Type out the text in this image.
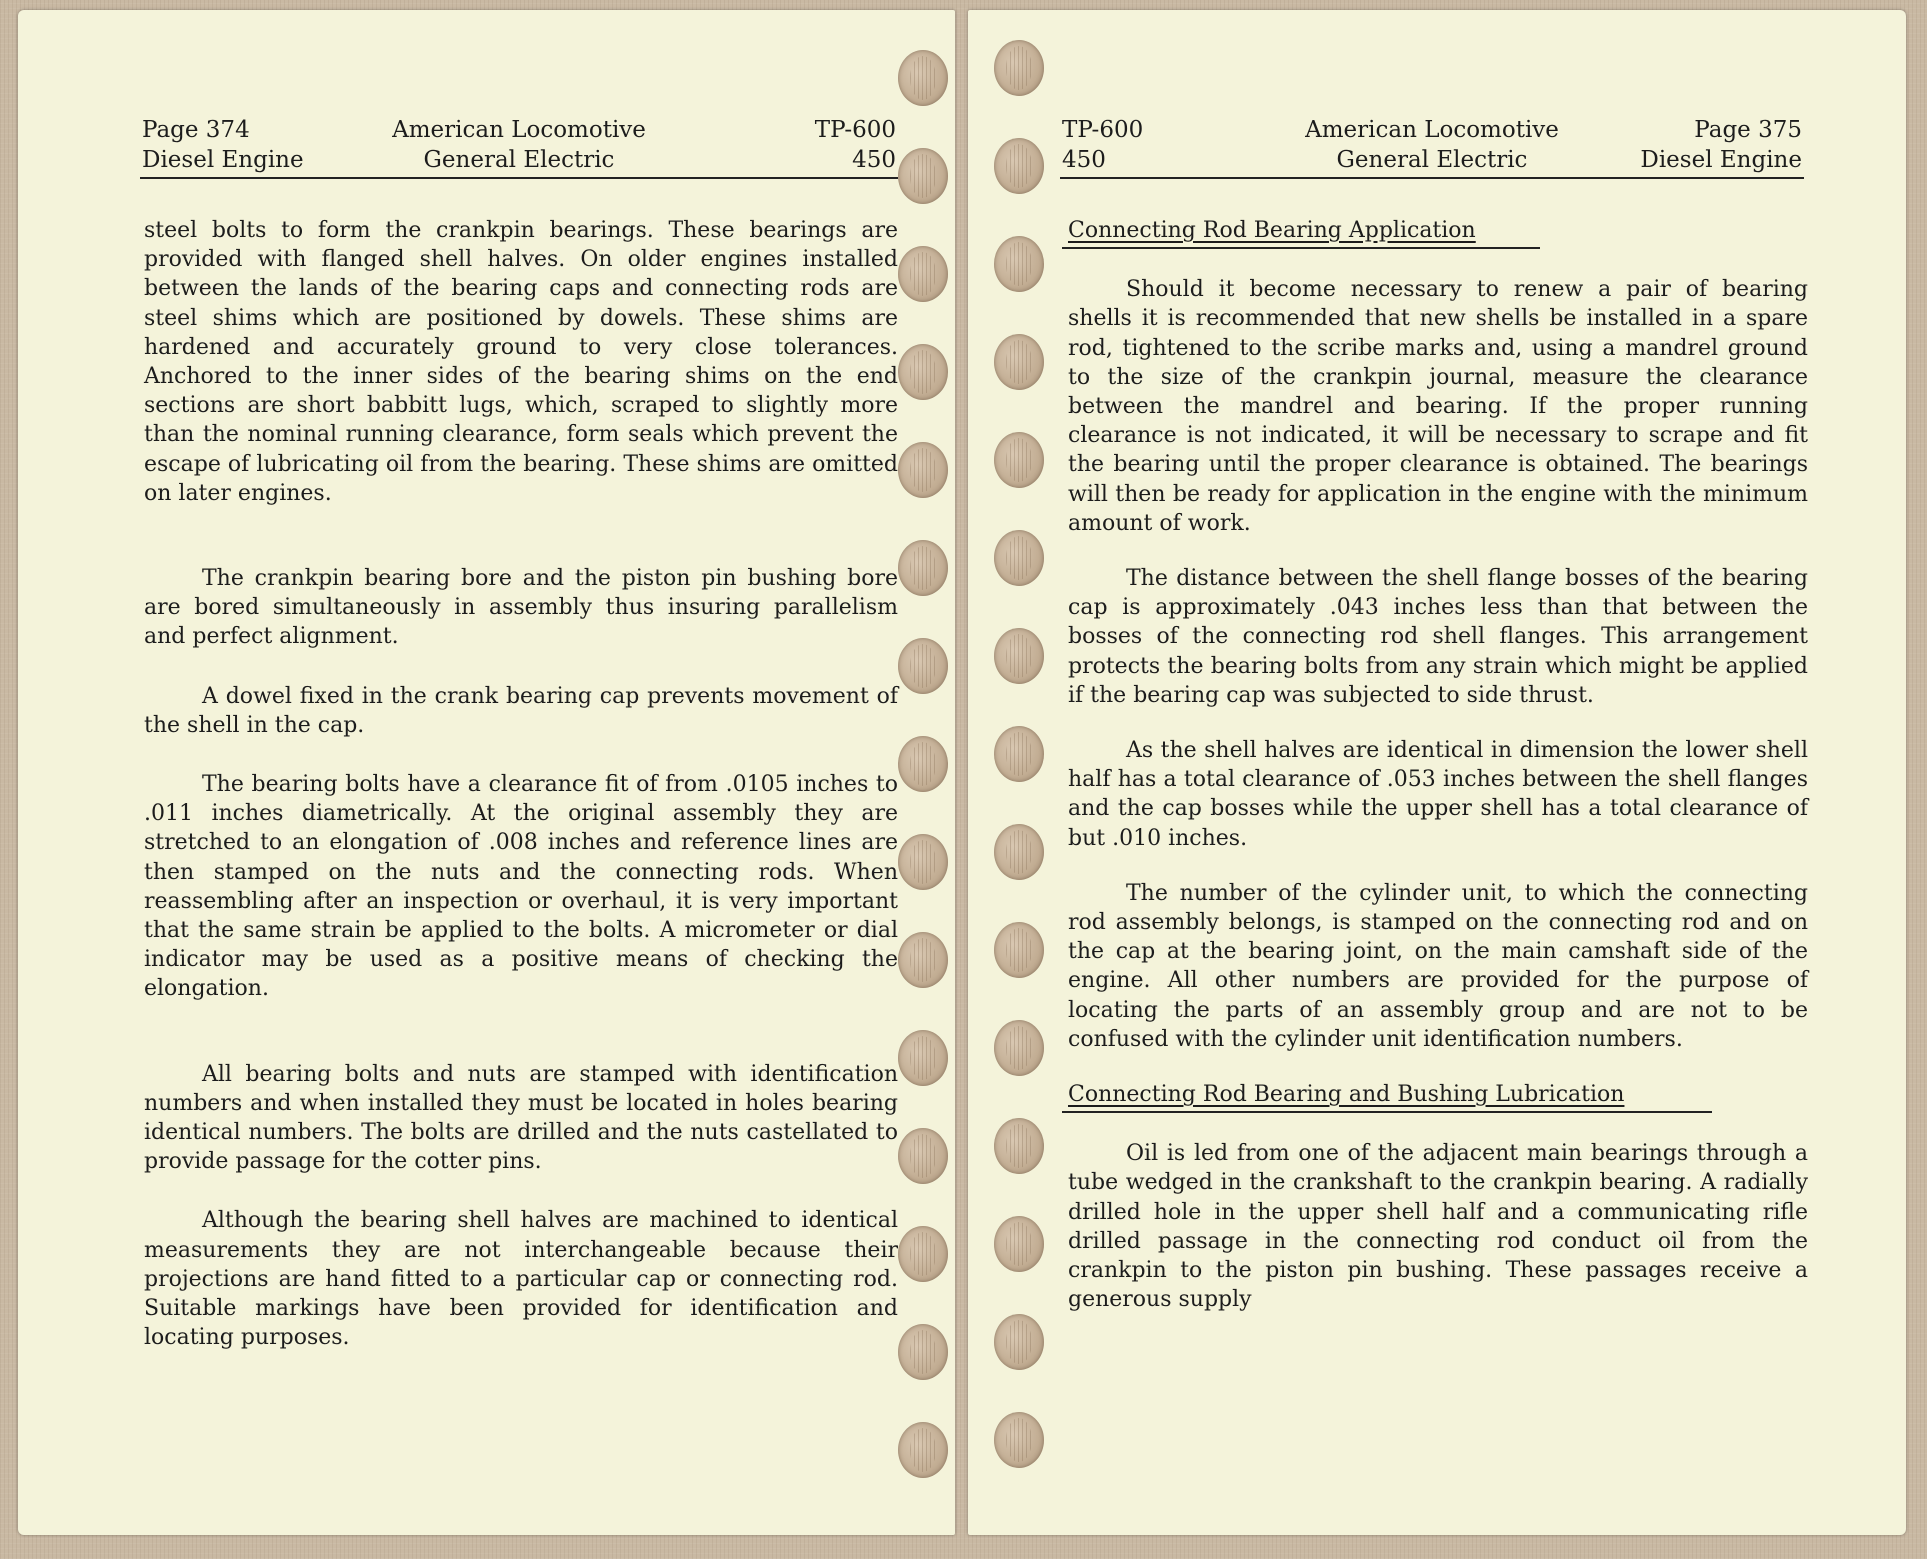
Page 374
Diesel Engine
American Locomotive
General Electric
TP-600
450

steel bolts to form the crankpin bearings. These bearings are provided with flanged shell halves. On older engines installed between the lands of the bearing caps and connecting rods are steel shims which are positioned by dowels. These shims are hardened and accurately ground to very close tolerances. Anchored to the inner sides of the bearing shims on the end sections are short babbitt lugs, which, scraped to slightly more than the nominal running clearance, form seals which prevent the escape of lubricating oil from the bearing. These shims are omitted on later engines.

The crankpin bearing bore and the piston pin bushing bore are bored simultaneously in assembly thus insuring parallelism and perfect alignment.

A dowel fixed in the crank bearing cap prevents movement of the shell in the cap.

The bearing bolts have a clearance fit of from .0105 inches to .011 inches diametrically. At the original assembly they are stretched to an elongation of .008 inches and reference lines are then stamped on the nuts and the connecting rods. When reassembling after an inspection or overhaul, it is very important that the same strain be applied to the bolts. A micrometer or dial indicator may be used as a positive means of checking the elongation.

All bearing bolts and nuts are stamped with identification numbers and when installed they must be located in holes bearing identical numbers. The bolts are drilled and the nuts castellated to provide passage for the cotter pins.

Although the bearing shell halves are machined to identical measurements they are not interchangeable because their projections are hand fitted to a particular cap or connecting rod. Suitable markings have been provided for identification and locating purposes.

TP-600
450
American Locomotive
General Electric
Page 375
Diesel Engine
Connecting Rod Bearing Application

Should it become necessary to renew a pair of bearing shells it is recommended that new shells be installed in a spare rod, tightened to the scribe marks and, using a mandrel ground to the size of the crankpin journal, measure the clearance between the mandrel and bearing. If the proper running clearance is not indicated, it will be necessary to scrape and fit the bearing until the proper clearance is obtained. The bearings will then be ready for application in the engine with the minimum amount of work.

The distance between the shell flange bosses of the bearing cap is approximately .043 inches less than that between the bosses of the connecting rod shell flanges. This arrangement protects the bearing bolts from any strain which might be applied if the bearing cap was subjected to side thrust.

As the shell halves are identical in dimension the lower shell half has a total clearance of .053 inches between the shell flanges and the cap bosses while the upper shell has a total clearance of but .010 inches.

The number of the cylinder unit, to which the connecting rod assembly belongs, is stamped on the connecting rod and on the cap at the bearing joint, on the main camshaft side of the engine. All other numbers are provided for the purpose of locating the parts of an assembly group and are not to be confused with the cylinder unit identification numbers.

Connecting Rod Bearing and Bushing Lubrication

Oil is led from one of the adjacent main bearings through a tube wedged in the crankshaft to the crankpin bearing. A radially drilled hole in the upper shell half and a communicating rifle drilled passage in the connecting rod conduct oil from the crankpin to the piston pin bushing. These passages receive a generous supply
